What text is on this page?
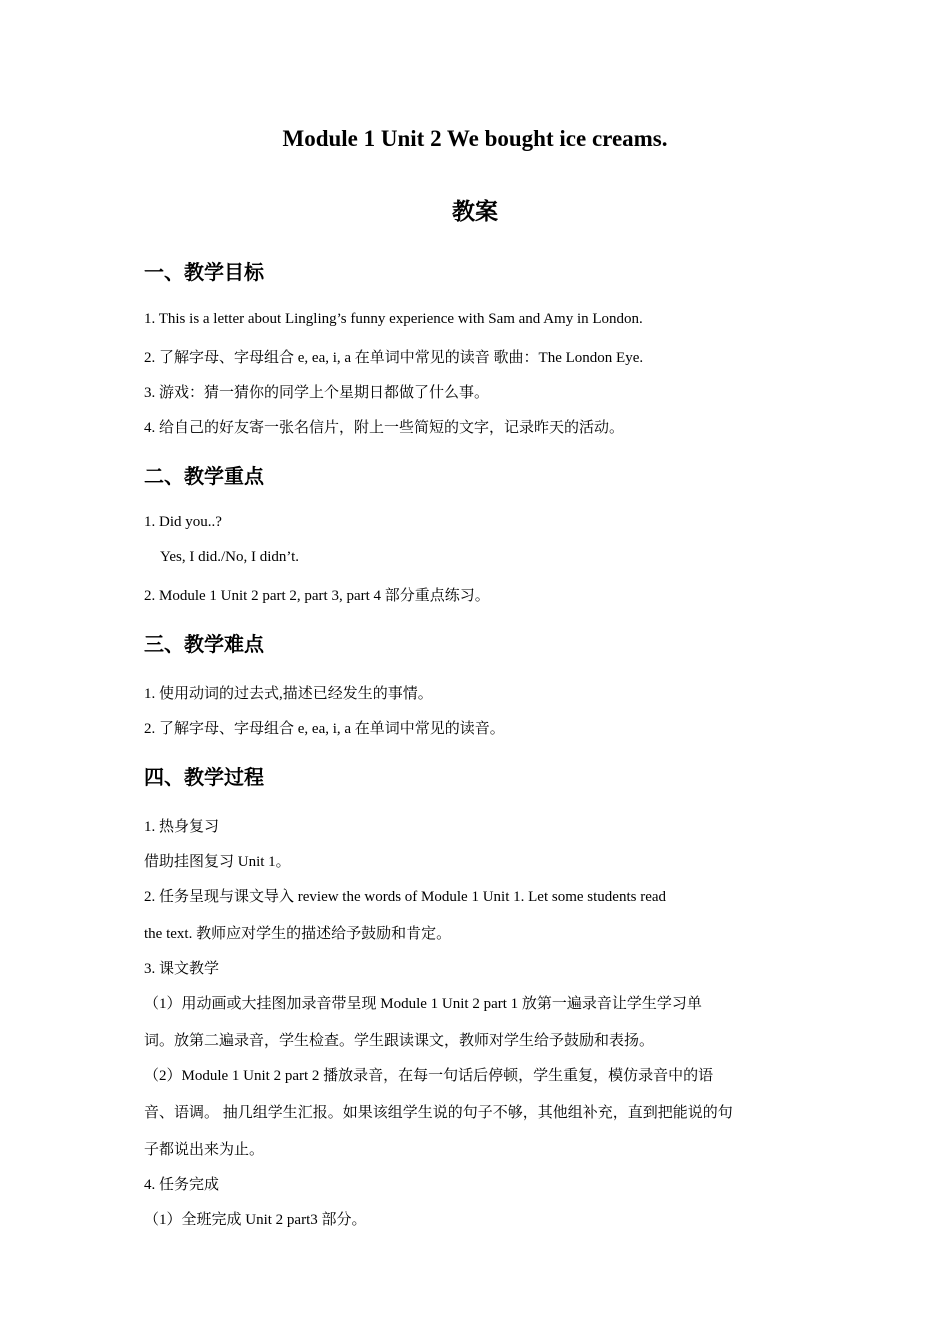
Module 1 Unit 2 We bought ice creams.
教案
一、教学目标
1. This is a letter about Lingling’s funny experience with Sam and Amy in London.
2. 了解字母、字母组合 e, ea, i, a 在单词中常见的读音 歌曲：The London Eye.
3. 游戏：猜一猜你的同学上个星期日都做了什么事。
4. 给自己的好友寄一张名信片，附上一些简短的文字，记录昨天的活动。
二、教学重点
1. Did you..?
Yes, I did./No, I didn’t.
2. Module 1 Unit 2 part 2, part 3, part 4 部分重点练习。
三、教学难点
1. 使用动词的过去式,描述已经发生的事情。
2. 了解字母、字母组合 e, ea, i, a 在单词中常见的读音。
四、教学过程
1. 热身复习
借助挂图复习 Unit 1。
2. 任务呈现与课文导入 review the words of Module 1 Unit 1. Let some students read
the text. 教师应对学生的描述给予鼓励和肯定。
3. 课文教学
（1）用动画或大挂图加录音带呈现 Module 1 Unit 2 part 1 放第一遍录音让学生学习单
词。放第二遍录音，学生检查。学生跟读课文，教师对学生给予鼓励和表扬。
（2）Module 1 Unit 2 part 2 播放录音，在每一句话后停顿，学生重复，模仿录音中的语
音、语调。 抽几组学生汇报。如果该组学生说的句子不够，其他组补充，直到把能说的句
子都说出来为止。
4. 任务完成
（1）全班完成 Unit 2 part3 部分。
